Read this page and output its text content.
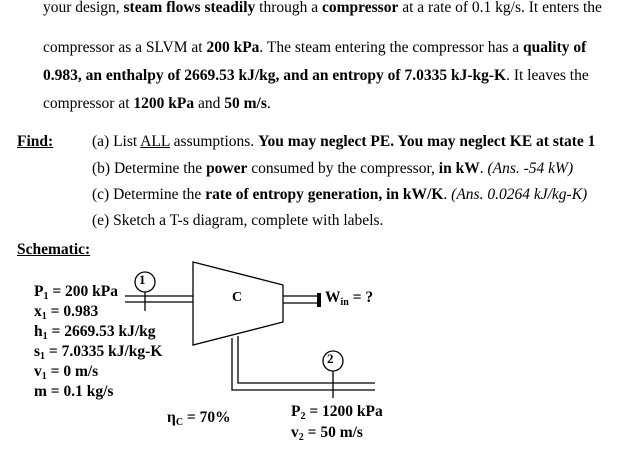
your design, steam flows steadily through a compressor at a rate of 0.1 kg/s. It enters the
compressor as a SLVM at 200 kPa. The steam entering the compressor has a quality of
0.983, an enthalpy of 2669.53 kJ/kg, and an entropy of 7.0335 kJ-kg-K. It leaves the
compressor at 1200 kPa and 50 m/s.
Find:	(a) List ALL assumptions. You may neglect PE. You may neglect KE at state 1
(b) Determine the power consumed by the compressor, in kW. (Ans. -54 kW)
(c) Determine the rate of entropy generation, in kW/K. (Ans. 0.0264 kJ/kg-K)
(e) Sketch a T-s diagram, complete with labels.
Schematic:
1
2
C	$W_{in}$ = ?
$P_1 = 200$ kPa
$x_1 = 0.983$
$h_1 = 2669.53$ kJ/kg
$s_1 = 7.0335$ kJ/kg-K
$v_1 = 0$ m/s
m = 0.1 kg/s
$\eta_C = 70\%$	$P_2 = 1200$ kPa
$v_2 = 50$ m/s
